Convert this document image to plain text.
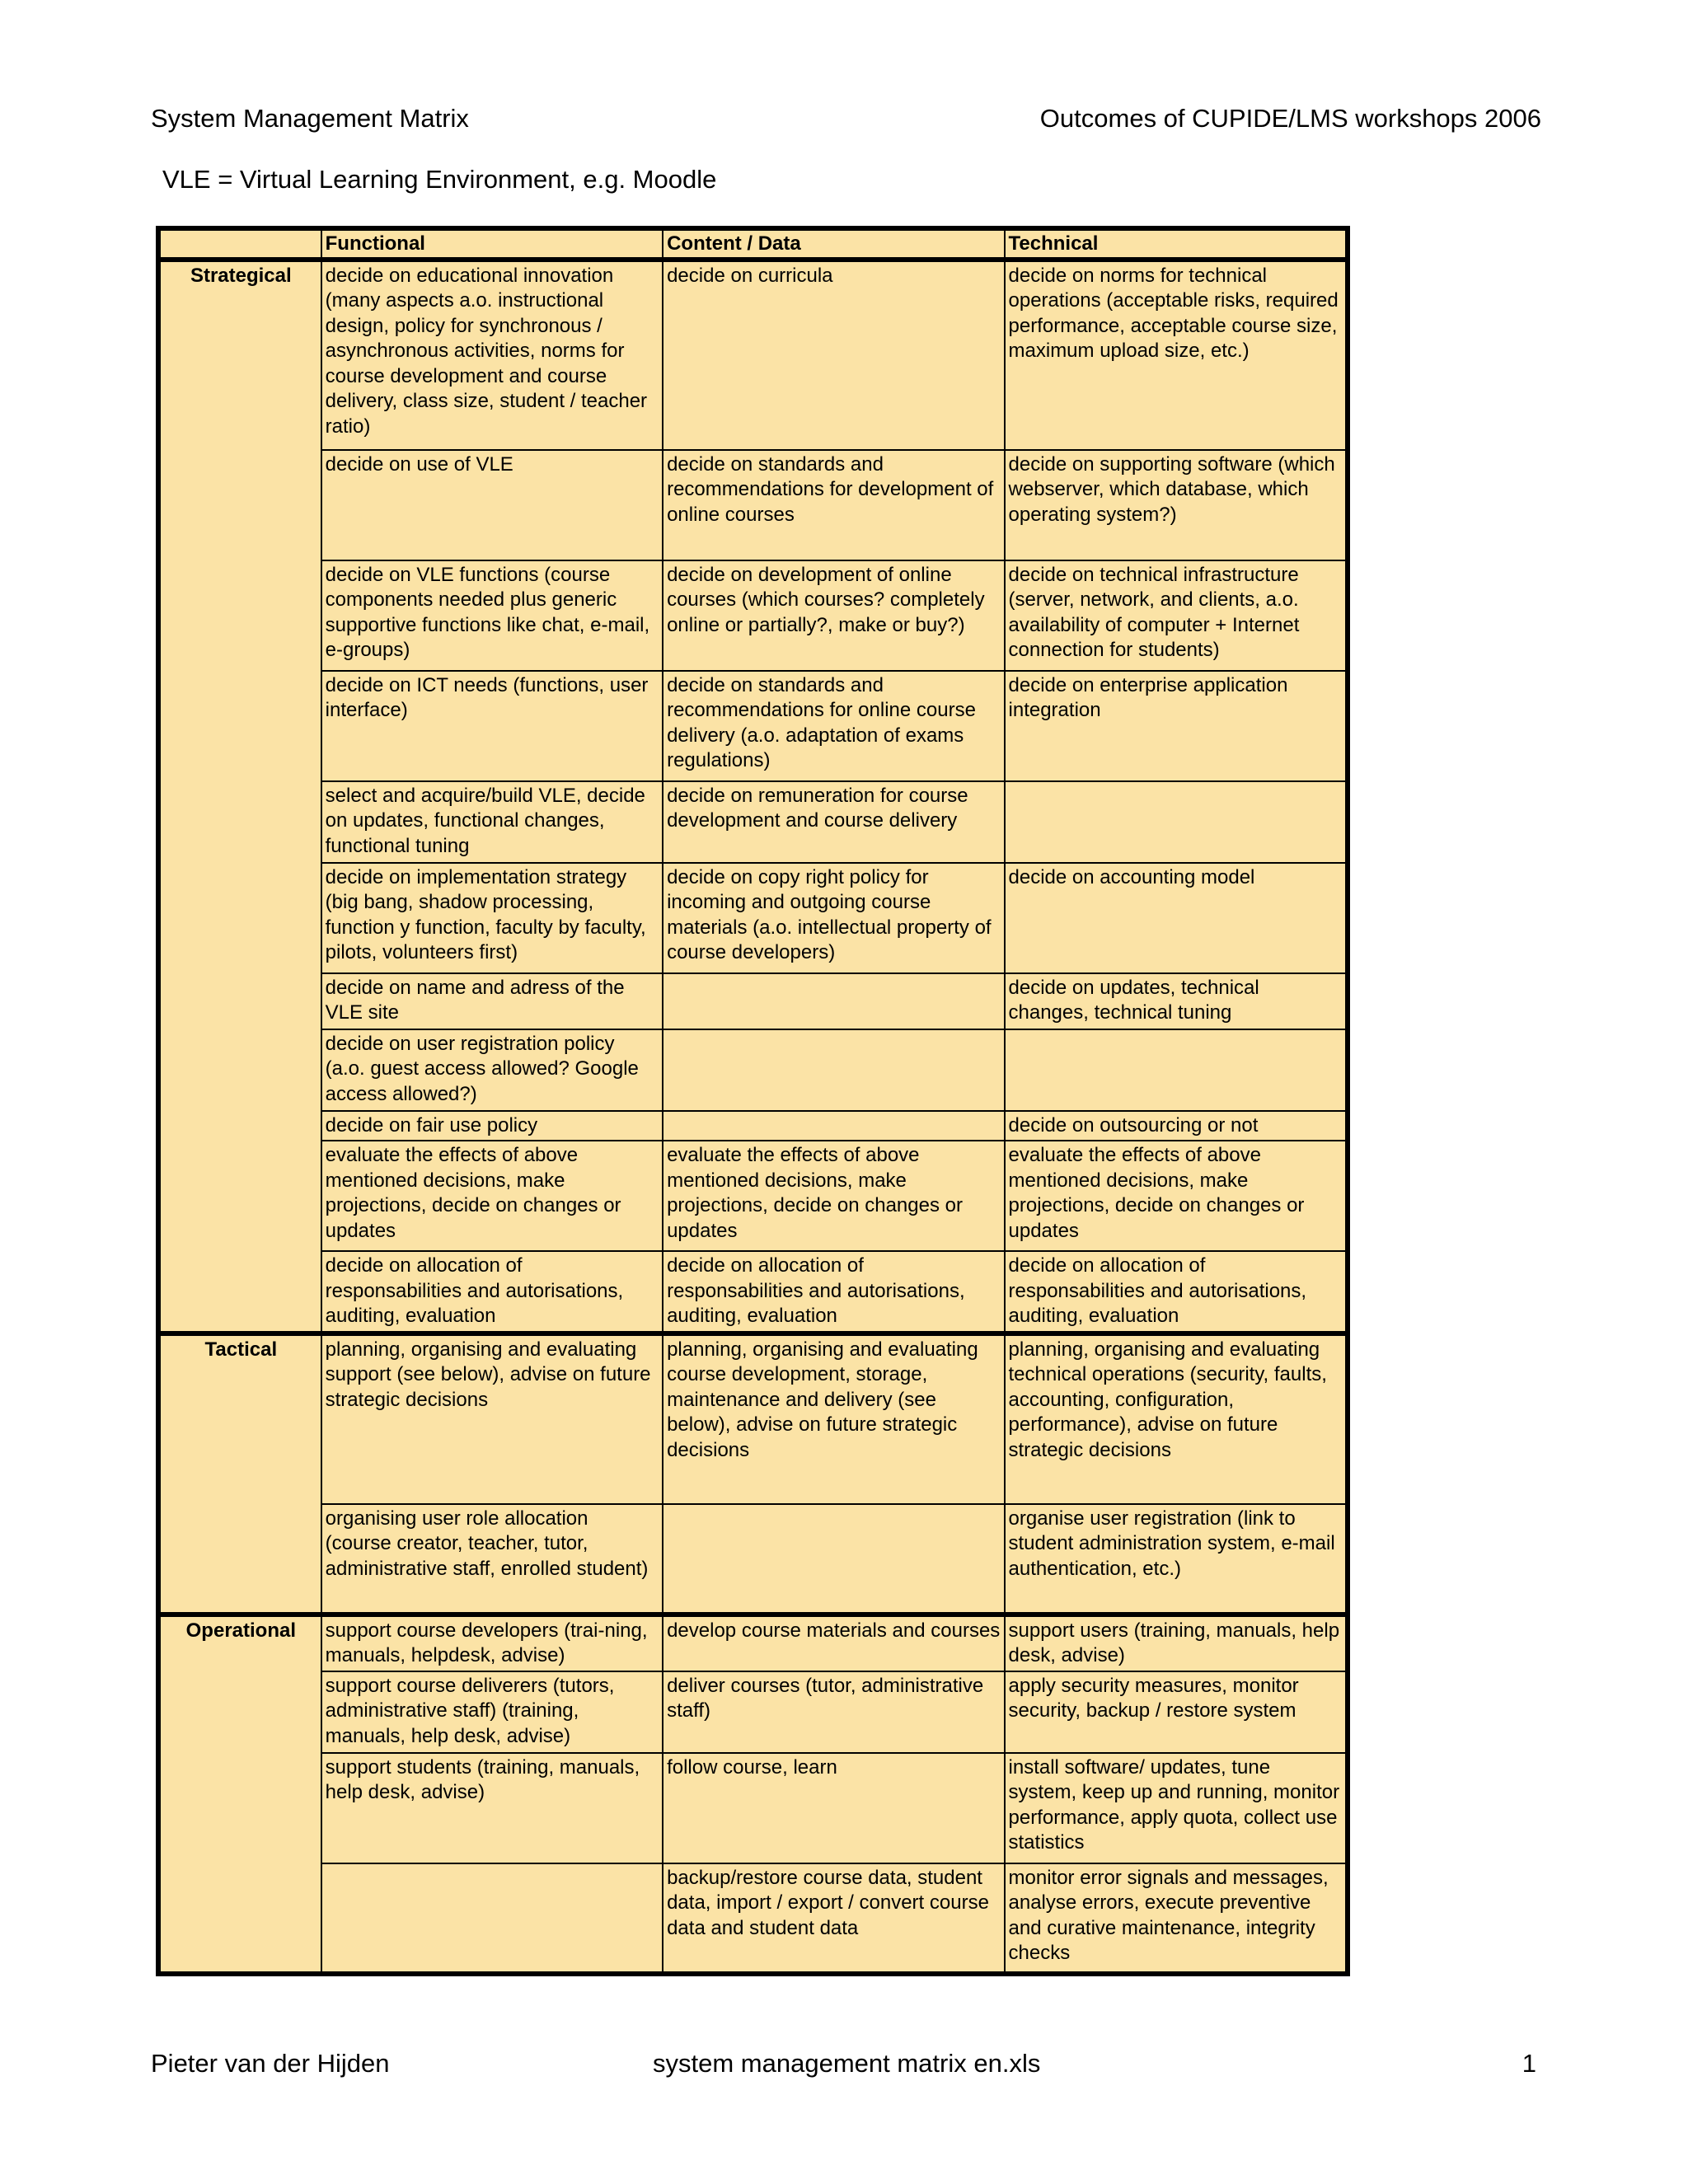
System Management Matrix	Outcomes of CUPIDE/LMS workshops 2006
VLE = Virtual Learning Environment, e.g. Moodle
	Functional	Content / Data	Technical
Strategical	decide on educational innovation (many aspects a.o. instructional design, policy for synchronous / asynchronous activities, norms for course development and course delivery, class size, student / teacher ratio)	decide on curricula	decide on norms for technical operations (acceptable risks, required performance, acceptable course size, maximum upload size, etc.)
	decide on use of VLE	decide on standards and recommendations for development of online courses	decide on supporting software (which webserver, which database, which operating system?)
	decide on VLE functions (course components needed plus generic supportive functions like chat, e-mail, e-groups)	decide on development of online courses (which courses? completely online or partially?, make or buy?)	decide on technical infrastructure (server, network, and clients, a.o. availability of computer + Internet connection for students)
	decide on ICT needs (functions, user interface)	decide on standards and recommendations for online course delivery (a.o. adaptation of exams regulations)	decide on enterprise application integration
	select and acquire/build VLE, decide on updates, functional changes, functional tuning	decide on remuneration for course development and course delivery	
	decide on implementation strategy (big bang, shadow processing, function y function, faculty by faculty, pilots, volunteers first)	decide on copy right policy for incoming and outgoing course materials (a.o. intellectual property of course developers)	decide on accounting model
	decide on name and adress of the VLE site		decide on updates, technical changes, technical tuning
	decide on user registration policy (a.o. guest access allowed? Google access allowed?)		
	decide on fair use policy		decide on outsourcing or not
	evaluate the effects of above mentioned decisions, make projections, decide on changes or updates	evaluate the effects of above mentioned decisions, make projections, decide on changes or updates	evaluate the effects of above mentioned decisions, make projections, decide on changes or updates
	decide on allocation of responsabilities and autorisations, auditing, evaluation	decide on allocation of responsabilities and autorisations, auditing, evaluation	decide on allocation of responsabilities and autorisations, auditing, evaluation
Tactical	planning, organising and evaluating support (see below), advise on future strategic decisions	planning, organising and evaluating course development, storage, maintenance and delivery (see below), advise on future strategic decisions	planning, organising and evaluating technical operations (security, faults, accounting, configuration, performance), advise on future strategic decisions
	organising user role allocation (course creator, teacher, tutor, administrative staff, enrolled student)		organise user registration (link to student administration system, e-mail authentication, etc.)
Operational	support course developers (trai-ning, manuals, helpdesk, advise)	develop course materials and courses	support users (training, manuals, help desk, advise)
	support course deliverers (tutors, administrative staff) (training, manuals, help desk, advise)	deliver courses (tutor, administrative staff)	apply security measures, monitor security, backup / restore system
	support students (training, manuals, help desk, advise)	follow course, learn	install software/ updates, tune system, keep up and running, monitor performance, apply quota, collect use statistics
		backup/restore course data, student data, import / export / convert course data and student data	monitor error signals and messages, analyse errors, execute preventive and curative maintenance, integrity checks
Pieter van der Hijden	system management matrix en.xls	1
